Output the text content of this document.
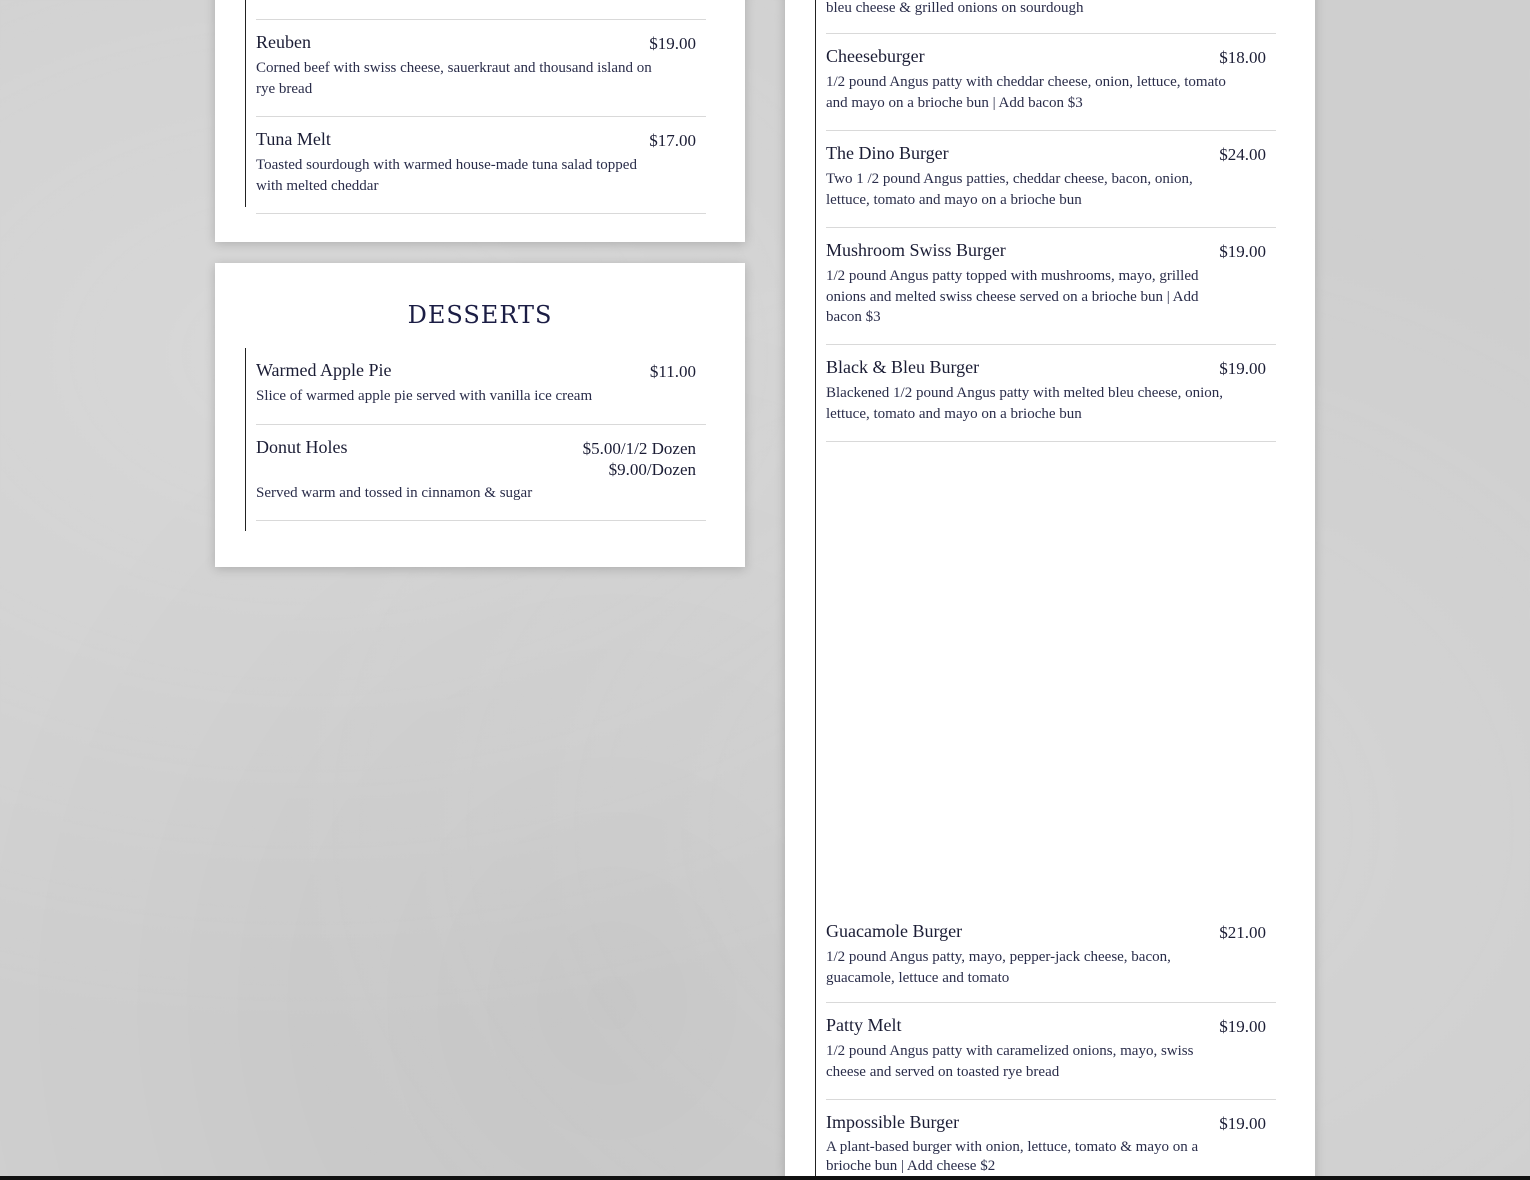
Reuben	$19.00
Corned beef with swiss cheese, sauerkraut and thousand island on rye bread
Tuna Melt	$17.00
Toasted sourdough with warmed house-made tuna salad topped with melted cheddar
DESSERTS
Warmed Apple Pie	$11.00
Slice of warmed apple pie served with vanilla ice cream
Donut Holes	$5.00/1/2 Dozen
$9.00/Dozen
Served warm and tossed in cinnamon & sugar
bleu cheese & grilled onions on sourdough
Cheeseburger	$18.00
1/2 pound Angus patty with cheddar cheese, onion, lettuce, tomato and mayo on a brioche bun | Add bacon $3
The Dino Burger	$24.00
Two 1 /2 pound Angus patties, cheddar cheese, bacon, onion, lettuce, tomato and mayo on a brioche bun
Mushroom Swiss Burger	$19.00
1/2 pound Angus patty topped with mushrooms, mayo, grilled onions and melted swiss cheese served on a brioche bun | Add bacon $3
Black & Bleu Burger	$19.00
Blackened 1/2 pound Angus patty with melted bleu cheese, onion, lettuce, tomato and mayo on a brioche bun
Guacamole Burger	$21.00
1/2 pound Angus patty, mayo, pepper-jack cheese, bacon, guacamole, lettuce and tomato
Patty Melt	$19.00
1/2 pound Angus patty with caramelized onions, mayo, swiss cheese and served on toasted rye bread
Impossible Burger	$19.00
A plant-based burger with onion, lettuce, tomato & mayo on a brioche bun | Add cheese $2
